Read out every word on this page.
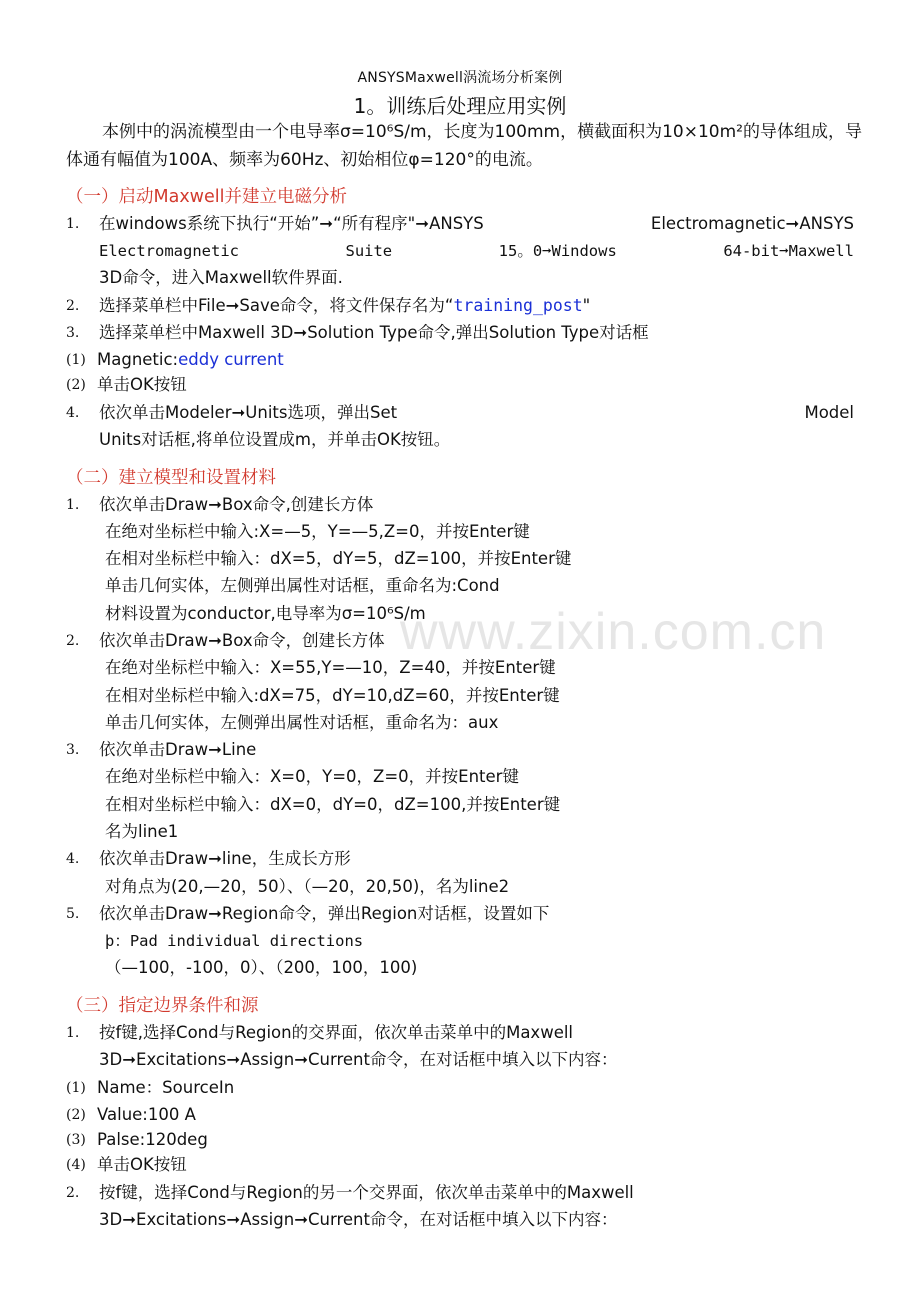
www.zixin.com.cn
ANSYSMaxwell涡流场分析案例
1。训练后处理应用实例
本例中的涡流模型由一个电导率σ=10⁶S/m，长度为100mm，横截面积为10×10m²的导体组成，导体通有幅值为100A、频率为60Hz、初始相位φ=120°的电流。
（一）启动Maxwell并建立电磁分析
1.	在windows系统下执行“开始”➞“所有程序"➞ANSYS	Electromagnetic➞ANSYS
Electromagnetic	Suite	15。0➞Windows	64-bit➞Maxwell
3D命令，进入Maxwell软件界面.
2.	选择菜单栏中File➞Save命令，将文件保存名为“training_post"
3.	选择菜单栏中Maxwell 3D➞Solution Type命令,弹出Solution Type对话框
(1) Magnetic:eddy current
(2) 单击OK按钮
4.	依次单击Modeler➞Units选项，弹出Set	Model
Units对话框,将单位设置成m，并单击OK按钮。
（二）建立模型和设置材料
1.	依次单击Draw➞Box命令,创建长方体
在绝对坐标栏中输入:X=—5，Y=—5,Z=0，并按Enter键
在相对坐标栏中输入：dX=5，dY=5，dZ=100，并按Enter键
单击几何实体，左侧弹出属性对话框，重命名为:Cond
材料设置为conductor,电导率为σ=10⁶S/m
2.	依次单击Draw➞Box命令，创建长方体
在绝对坐标栏中输入：X=55,Y=—10，Z=40，并按Enter键
在相对坐标栏中输入:dX=75，dY=10,dZ=60，并按Enter键
单击几何实体，左侧弹出属性对话框，重命名为：aux
3.	依次单击Draw➞Line
在绝对坐标栏中输入：X=0，Y=0，Z=0，并按Enter键
在相对坐标栏中输入：dX=0，dY=0，dZ=100,并按Enter键
名为line1
4.	依次单击Draw➞line，生成长方形
对角点为(20,—20，50）、（—20，20,50)，名为line2
5.	依次单击Draw➞Region命令，弹出Region对话框，设置如下
þ：Pad individual directions
（—100，-100，0）、（200，100，100)
（三）指定边界条件和源
1.	按f键,选择Cond与Region的交界面，依次单击菜单中的Maxwell
3D➞Excitations➞Assign➞Current命令，在对话框中填入以下内容：
(1) Name：SourceIn
(2) Value:100 A
(3) Palse:120deg
(4) 单击OK按钮
2.	按f键，选择Cond与Region的另一个交界面，依次单击菜单中的Maxwell
3D➞Excitations➞Assign➞Current命令，在对话框中填入以下内容：
